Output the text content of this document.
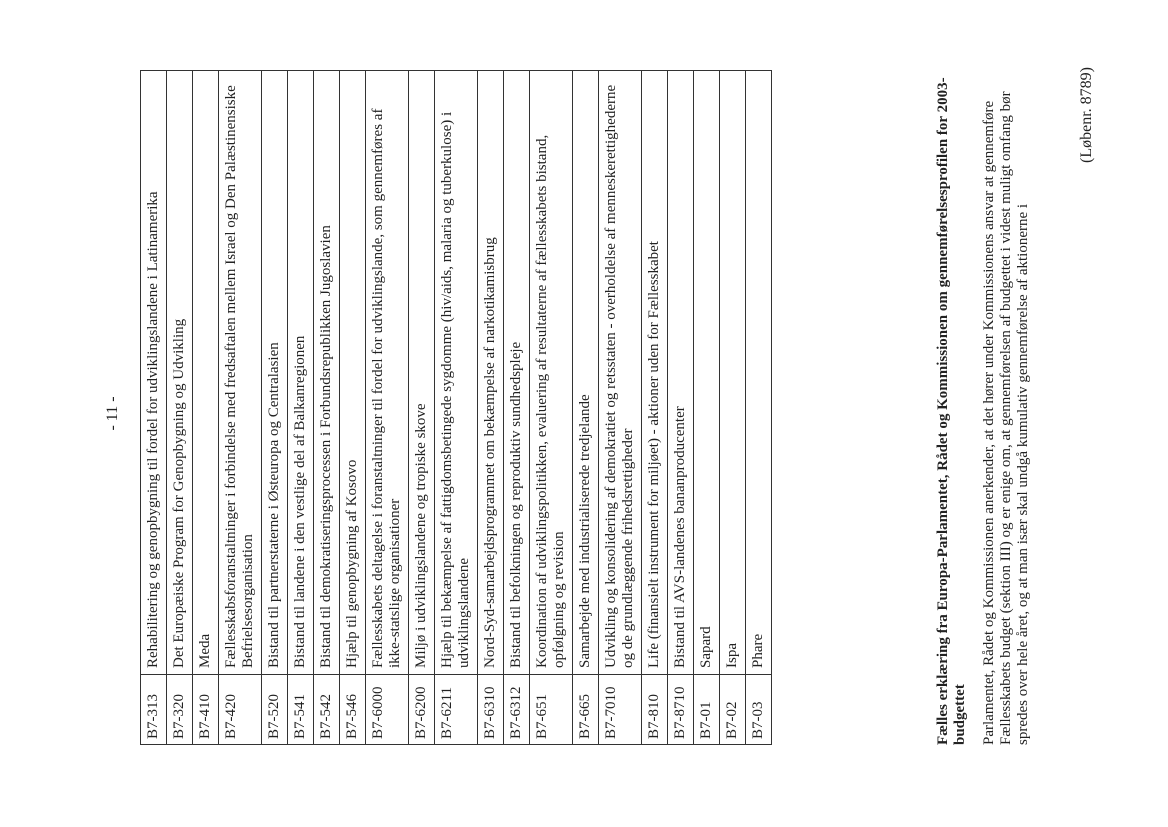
- 11 -
B7-313
Rehabilitering og genopbygning til fordel for udviklingslandene i Latinamerika
B7-320
Det Europæiske Program for Genopbygning og Udvikling
B7-410
Meda
B7-420
Fællesskabsforanstaltninger i forbindelse med fredsaftalen mellem Israel og Den Palæstinensiske Befrielsesorganisation
B7-520
Bistand til partnerstaterne i Østeuropa og Centralasien
B7-541
Bistand til landene i den vestlige del af Balkanregionen
B7-542
Bistand til demokratiseringsprocessen i Forbundsrepublikken Jugoslavien
B7-546
Hjælp til genopbygning af Kosovo
B7-6000
Fællesskabets deltagelse i foranstaltninger til fordel for udviklingslande, som gennemføres af ikke-statslige organisationer
B7-6200
Miljø i udviklingslandene og tropiske skove
B7-6211
Hjælp til bekæmpelse af fattigdomsbetingede sygdomme (hiv/aids, malaria og tuberkulose) i udviklingslandene
B7-6310
Nord-Syd-samarbejdsprogrammet om bekæmpelse af narkotikamisbrug
B7-6312
Bistand til befolkningen og reproduktiv sundhedspleje
B7-651
Koordination af udviklingspolitikken, evaluering af resultaterne af fællesskabets bistand, opfølgning og revision
B7-665
Samarbejde med industrialiserede tredjelande
B7-7010
Udvikling og konsolidering af demokratiet og retsstaten - overholdelse af menneskerettighederne og de grundlæggende frihedsrettigheder
B7-810
Life (finansielt instrument for miljøet) - aktioner uden for Fællesskabet
B7-8710
Bistand til AVS-landenes bananproducenter
B7-01
Sapard
B7-02
Ispa
B7-03
Phare	Fælles erklæring fra Europa-Parlamentet, Rådet og Kommissionen om gennemførelsesprofilen for 2003-budgettet Parlamentet, Rådet og Kommissionen anerkender, at det hører under Kommissionens ansvar at gennemføre Fællesskabets budget (sektion III) og er enige om, at gennemførelsen af budgettet i videst muligt omfang bør spredes over hele året, og at man især skal undgå kumulativ gennemførelse af aktionerne i
(Løbenr. 8789)
